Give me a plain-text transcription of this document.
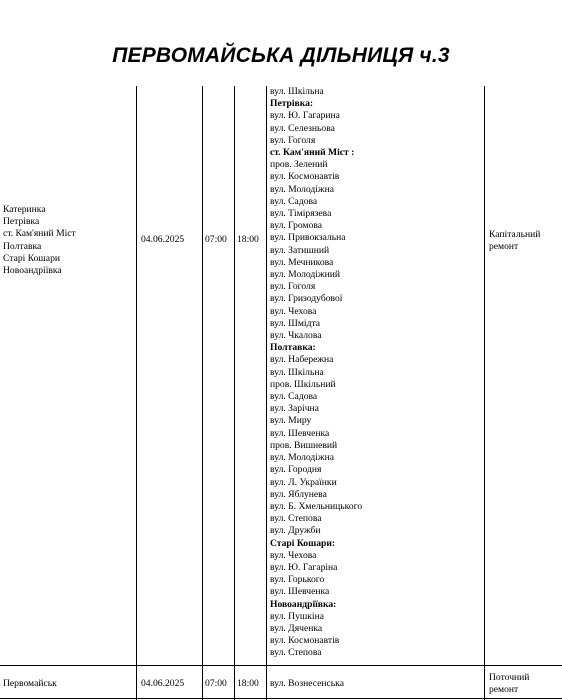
ПЕРВОМАЙСЬКА ДІЛЬНИЦЯ ч.3
Катеринка
Петрівка
ст. Кам'яний Міст
Полтавка
Старі Кошари
Новоандріївка
04.06.2025 07:00 18:00
вул. Шкільна
Петрівка:
вул. Ю. Гагарина
вул. Селезньова
вул. Гоголя
ст. Кам'яний Міст :
пров. Зелений
вул. Космонавтів
вул. Молодіжна
вул. Садова
вул. Тімірязева
вул. Громова
вул. Привокзальна
вул. Затишний
вул. Мечникова
вул. Молодіжний
вул. Гоголя
вул. Гризодубової
вул. Чехова
вул. Шмідта
вул. Чкалова
Полтавка:
вул. Набережна
вул. Шкільна
пров. Шкільний
вул. Садова
вул. Зарічна
вул. Миру
вул. Шевченка
пров. Вишневий
вул. Молодіжна
вул. Городня
вул. Л. Українки
вул. Яблунева
вул. Б. Хмельницького
вул. Степова
вул. Дружби
Старі Кошари:
вул. Чехова
вул. Ю. Гагаріна
вул. Горького
вул. Шевченка
Новоандріївка:
вул. Пушкіна
вул. Дяченка
вул. Космонавтів
вул. Степова
Капітальний
ремонт
Первомайськ	04.06.2025 07:00 18:00 вул. Вознесенська
Поточний
ремонт
